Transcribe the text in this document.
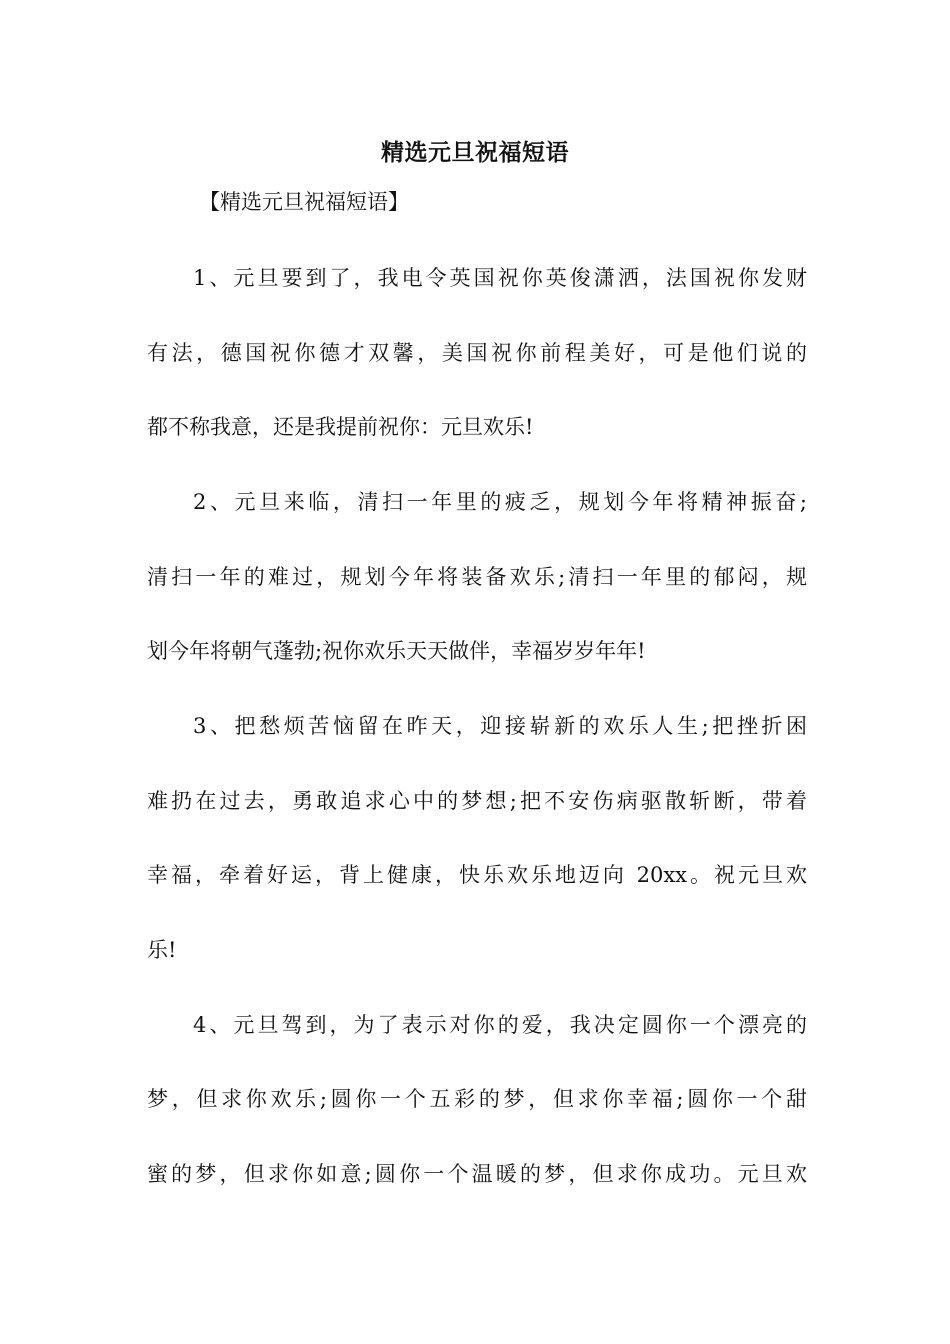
精选元旦祝福短语
【精选元旦祝福短语】
1、元旦要到了，我电令英国祝你英俊潇洒，法国祝你发财
有法，德国祝你德才双馨，美国祝你前程美好，可是他们说的
都不称我意，还是我提前祝你：元旦欢乐!
2、元旦来临，清扫一年里的疲乏，规划今年将精神振奋;
清扫一年的难过，规划今年将装备欢乐;清扫一年里的郁闷，规
划今年将朝气蓬勃;祝你欢乐天天做伴，幸福岁岁年年!
3、把愁烦苦恼留在昨天，迎接崭新的欢乐人生;把挫折困
难扔在过去，勇敢追求心中的梦想;把不安伤病驱散斩断，带着
幸福，牵着好运，背上健康，快乐欢乐地迈向 20xx。祝元旦欢
乐!
4、元旦驾到，为了表示对你的爱，我决定圆你一个漂亮的
梦，但求你欢乐;圆你一个五彩的梦，但求你幸福;圆你一个甜
蜜的梦，但求你如意;圆你一个温暖的梦，但求你成功。元旦欢
